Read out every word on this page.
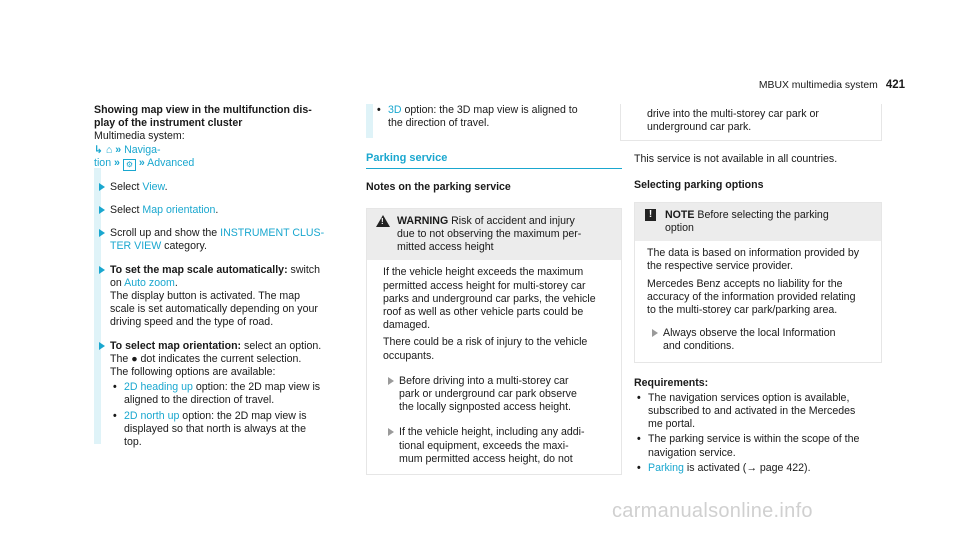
MBUX multimedia system 421
Showing map view in the multifunction dis-
play of the instrument cluster
Multimedia system:
↳ ⌂ » Naviga-
tion » ⚙ » Advanced
Select View.
Select Map orientation.
Scroll up and show the INSTRUMENT CLUS-
TER VIEW category.
To set the map scale automatically: switch
on Auto zoom.
The display button is activated. The map
scale is set automatically depending on your
driving speed and the type of road.
To select map orientation: select an option.
The ● dot indicates the current selection.
The following options are available:
• 2D heading up option: the 2D map view is
aligned to the direction of travel.
• 2D north up option: the 2D map view is
displayed so that north is always at the
top.
• 3D option: the 3D map view is aligned to
the direction of travel.
Parking service
Notes on the parking service
! WARNING Risk of accident and injury
due to not observing the maximum per-
mitted access height
If the vehicle height exceeds the maximum
permitted access height for multi-storey car
parks and underground car parks, the vehicle
roof as well as other vehicle parts could be
damaged.
There could be a risk of injury to the vehicle
occupants.
Before driving into a multi-storey car
park or underground car park observe
the locally signposted access height.
If the vehicle height, including any addi-
tional equipment, exceeds the maxi-
mum permitted access height, do not
drive into the multi-storey car park or
underground car park.
This service is not available in all countries.
Selecting parking options
!	NOTE Before selecting the parking
option
The data is based on information provided by
the respective service provider.
Mercedes Benz accepts no liability for the
accuracy of the information provided relating
to the multi-storey car park/parking area.
Always observe the local Information
and conditions.
Requirements:
• The navigation services option is available,
subscribed to and activated in the Mercedes
me portal.
• The parking service is within the scope of the
navigation service.
• Parking is activated (→ page 422).
carmanualsonline.info
